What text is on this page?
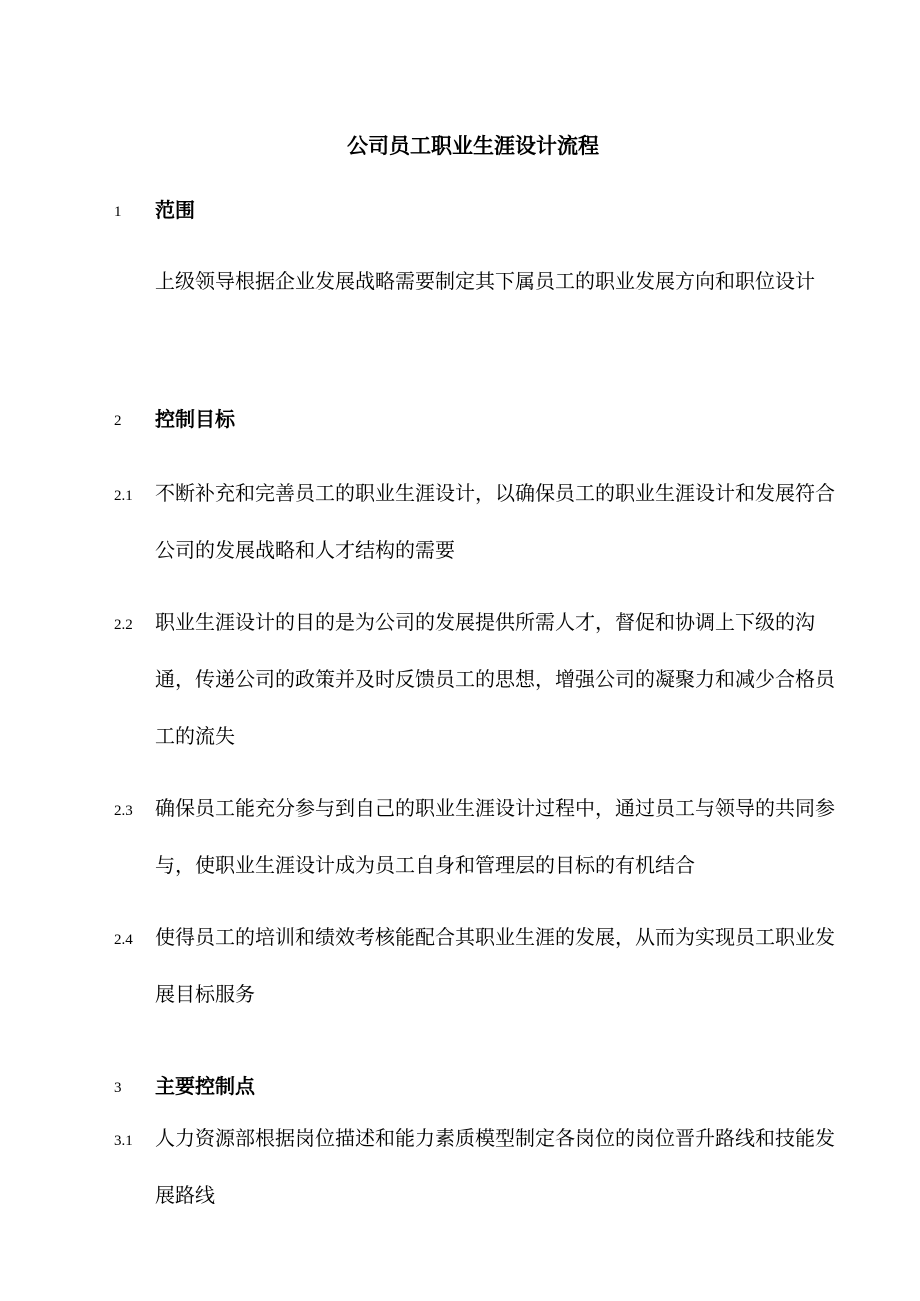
公司员工职业生涯设计流程
1 范围

上级领导根据企业发展战略需要制定其下属员工的职业发展方向和职位设计

2 控制目标
2.1 不断补充和完善员工的职业生涯设计，以确保员工的职业生涯设计和发展符合公司的发展战略和人才结构的需要

2.2 职业生涯设计的目的是为公司的发展提供所需人才，督促和协调上下级的沟通，传递公司的政策并及时反馈员工的思想，增强公司的凝聚力和减少合格员工的流失

2.3 确保员工能充分参与到自己的职业生涯设计过程中，通过员工与领导的共同参与，使职业生涯设计成为员工自身和管理层的目标的有机结合

2.4 使得员工的培训和绩效考核能配合其职业生涯的发展，从而为实现员工职业发展目标服务

3 主要控制点
3.1 人力资源部根据岗位描述和能力素质模型制定各岗位的岗位晋升路线和技能发展路线
